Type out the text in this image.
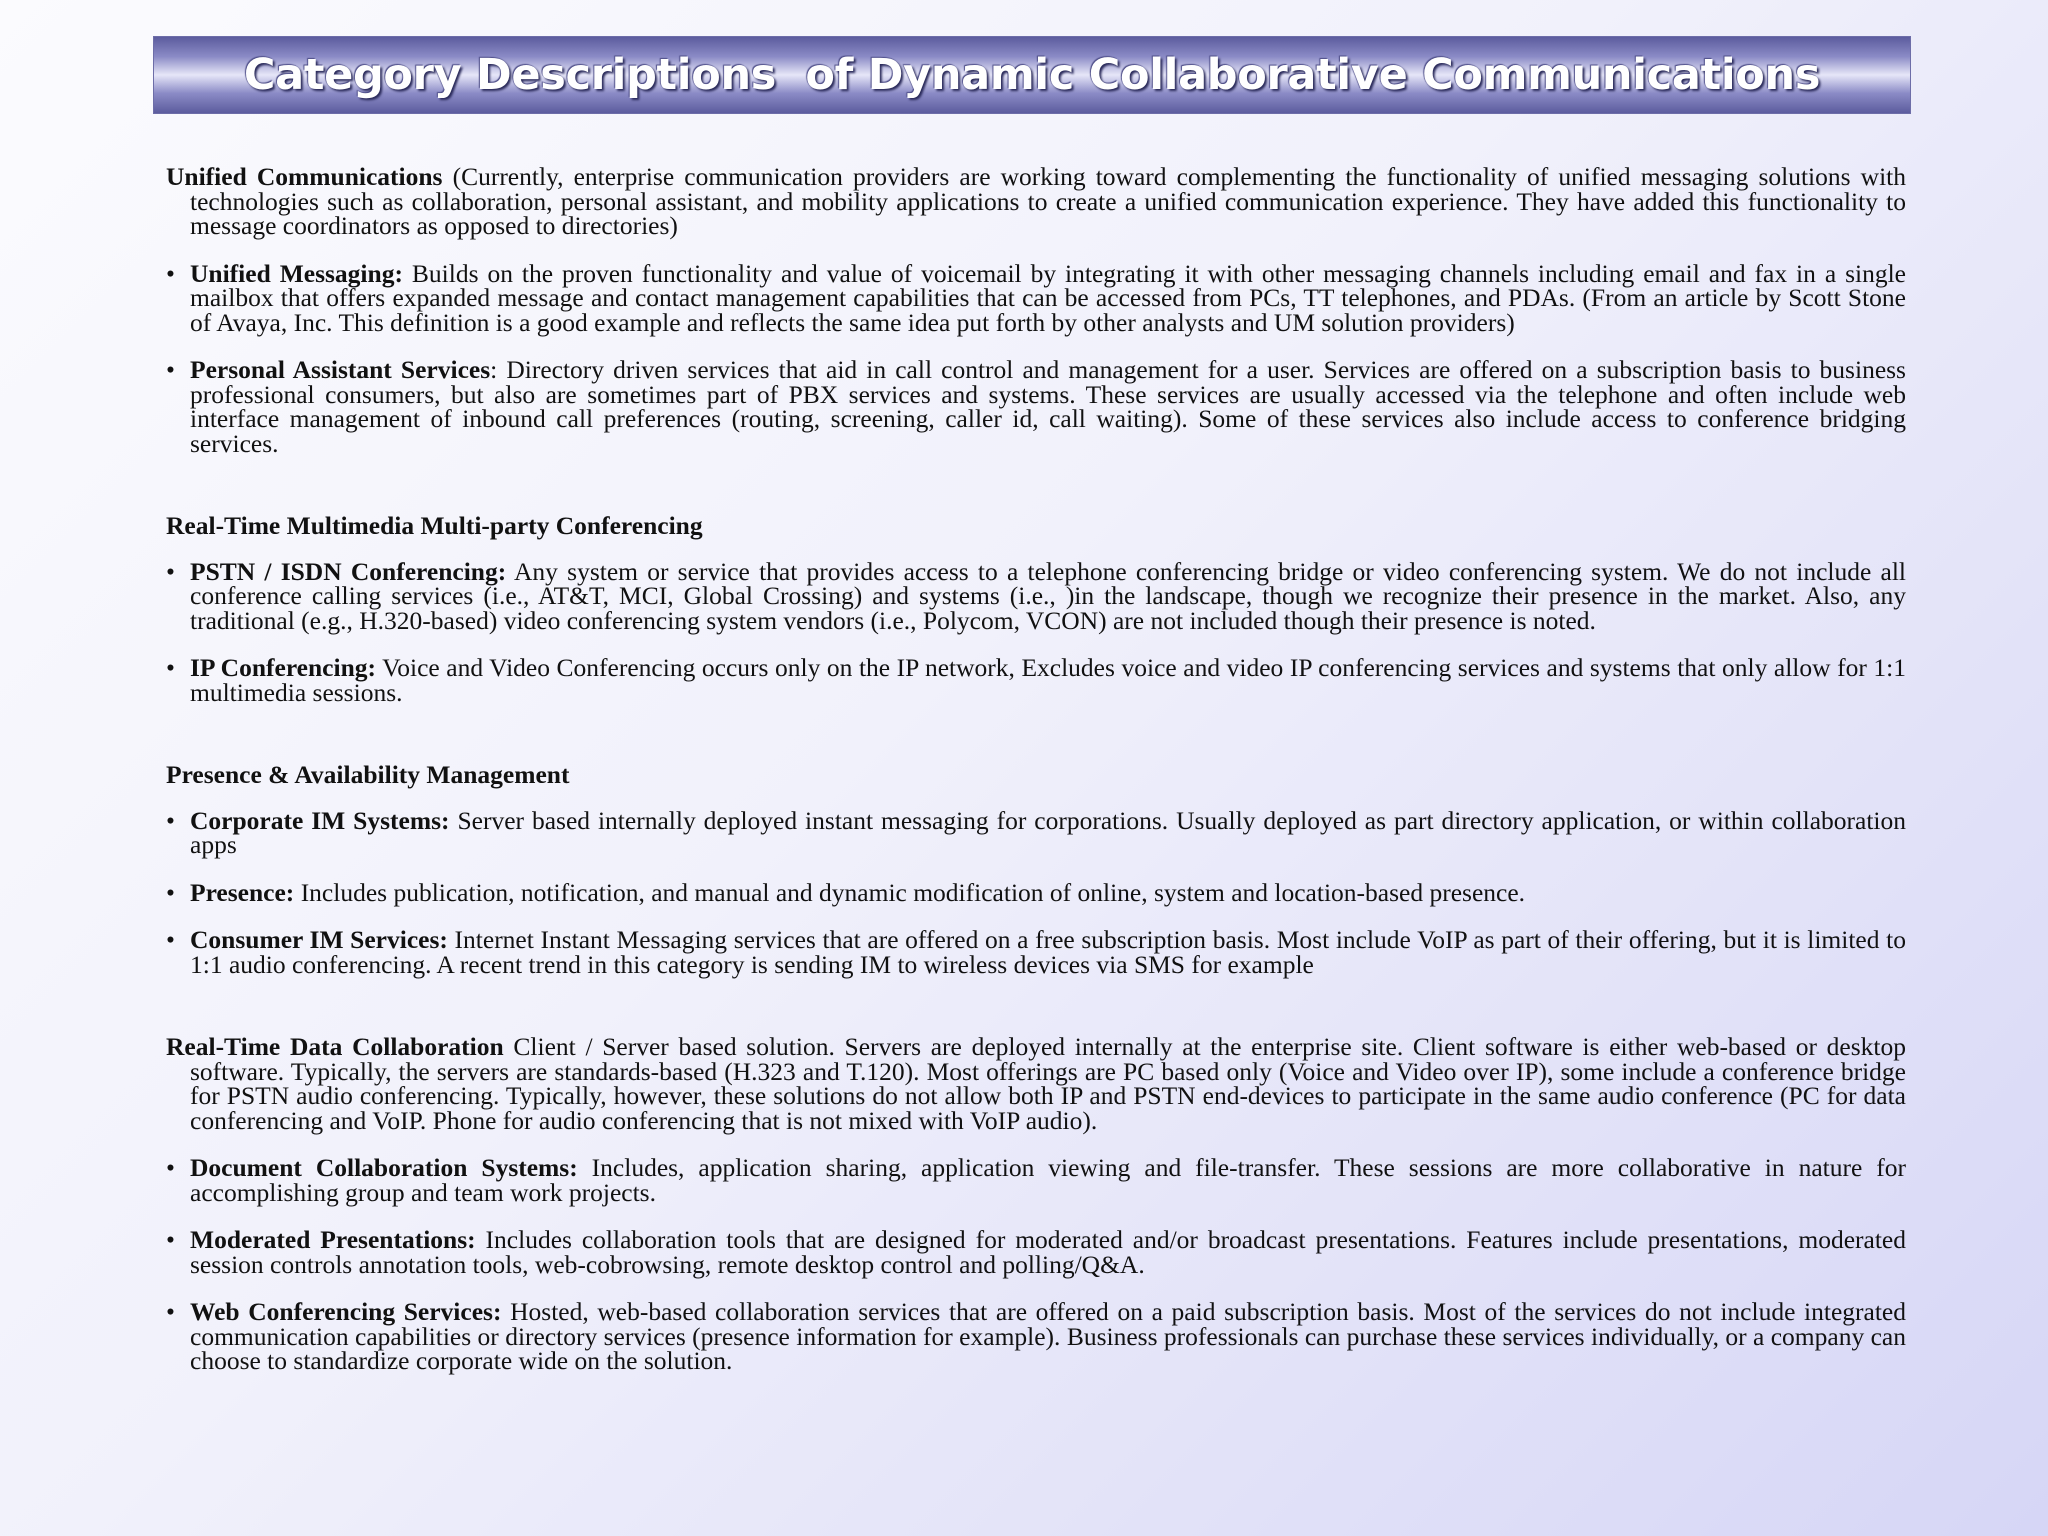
Category Descriptions  of Dynamic Collaborative Communications

Unified Communications (Currently, enterprise communication providers are working toward complementing the functionality of unified messaging solutions with technologies such as collaboration, personal assistant, and mobility applications to create a unified communication experience. They have added this functionality to message coordinators as opposed to directories)

• Unified Messaging: Builds on the proven functionality and value of voicemail by integrating it with other messaging channels including email and fax in a single mailbox that offers expanded message and contact management capabilities that can be accessed from PCs, TT telephones, and PDAs. (From an article by Scott Stone of Avaya, Inc. This definition is a good example and reflects the same idea put forth by other analysts and UM solution providers)

• Personal Assistant Services: Directory driven services that aid in call control and management for a user. Services are offered on a subscription basis to business professional consumers, but also are sometimes part of PBX services and systems. These services are usually accessed via the telephone and often include web interface management of inbound call preferences (routing, screening, caller id, call waiting). Some of these services also include access to conference bridging services.

Real-Time Multimedia Multi-party Conferencing

• PSTN / ISDN Conferencing: Any system or service that provides access to a telephone conferencing bridge or video conferencing system. We do not include all conference calling services (i.e., AT&T, MCI, Global Crossing) and systems (i.e., )in the landscape, though we recognize their presence in the market. Also, any traditional (e.g., H.320-based) video conferencing system vendors (i.e., Polycom, VCON) are not included though their presence is noted.

• IP Conferencing: Voice and Video Conferencing occurs only on the IP network, Excludes voice and video IP conferencing services and systems that only allow for 1:1 multimedia sessions.

Presence & Availability Management

• Corporate IM Systems: Server based internally deployed instant messaging for corporations. Usually deployed as part directory application, or within collaboration apps

• Presence: Includes publication, notification, and manual and dynamic modification of online, system and location-based presence.

• Consumer IM Services: Internet Instant Messaging services that are offered on a free subscription basis. Most include VoIP as part of their offering, but it is limited to 1:1 audio conferencing. A recent trend in this category is sending IM to wireless devices via SMS for example

Real-Time Data Collaboration Client / Server based solution. Servers are deployed internally at the enterprise site. Client software is either web-based or desktop software. Typically, the servers are standards-based (H.323 and T.120). Most offerings are PC based only (Voice and Video over IP), some include a conference bridge for PSTN audio conferencing. Typically, however, these solutions do not allow both IP and PSTN end-devices to participate in the same audio conference (PC for data conferencing and VoIP. Phone for audio conferencing that is not mixed with VoIP audio).

• Document Collaboration Systems: Includes, application sharing, application viewing and file-transfer. These sessions are more collaborative in nature for accomplishing group and team work projects.

• Moderated Presentations: Includes collaboration tools that are designed for moderated and/or broadcast presentations. Features include presentations, moderated session controls annotation tools, web-cobrowsing, remote desktop control and polling/Q&A.

• Web Conferencing Services: Hosted, web-based collaboration services that are offered on a paid subscription basis. Most of the services do not include integrated communication capabilities or directory services (presence information for example). Business professionals can purchase these services individually, or a company can choose to standardize corporate wide on the solution.
